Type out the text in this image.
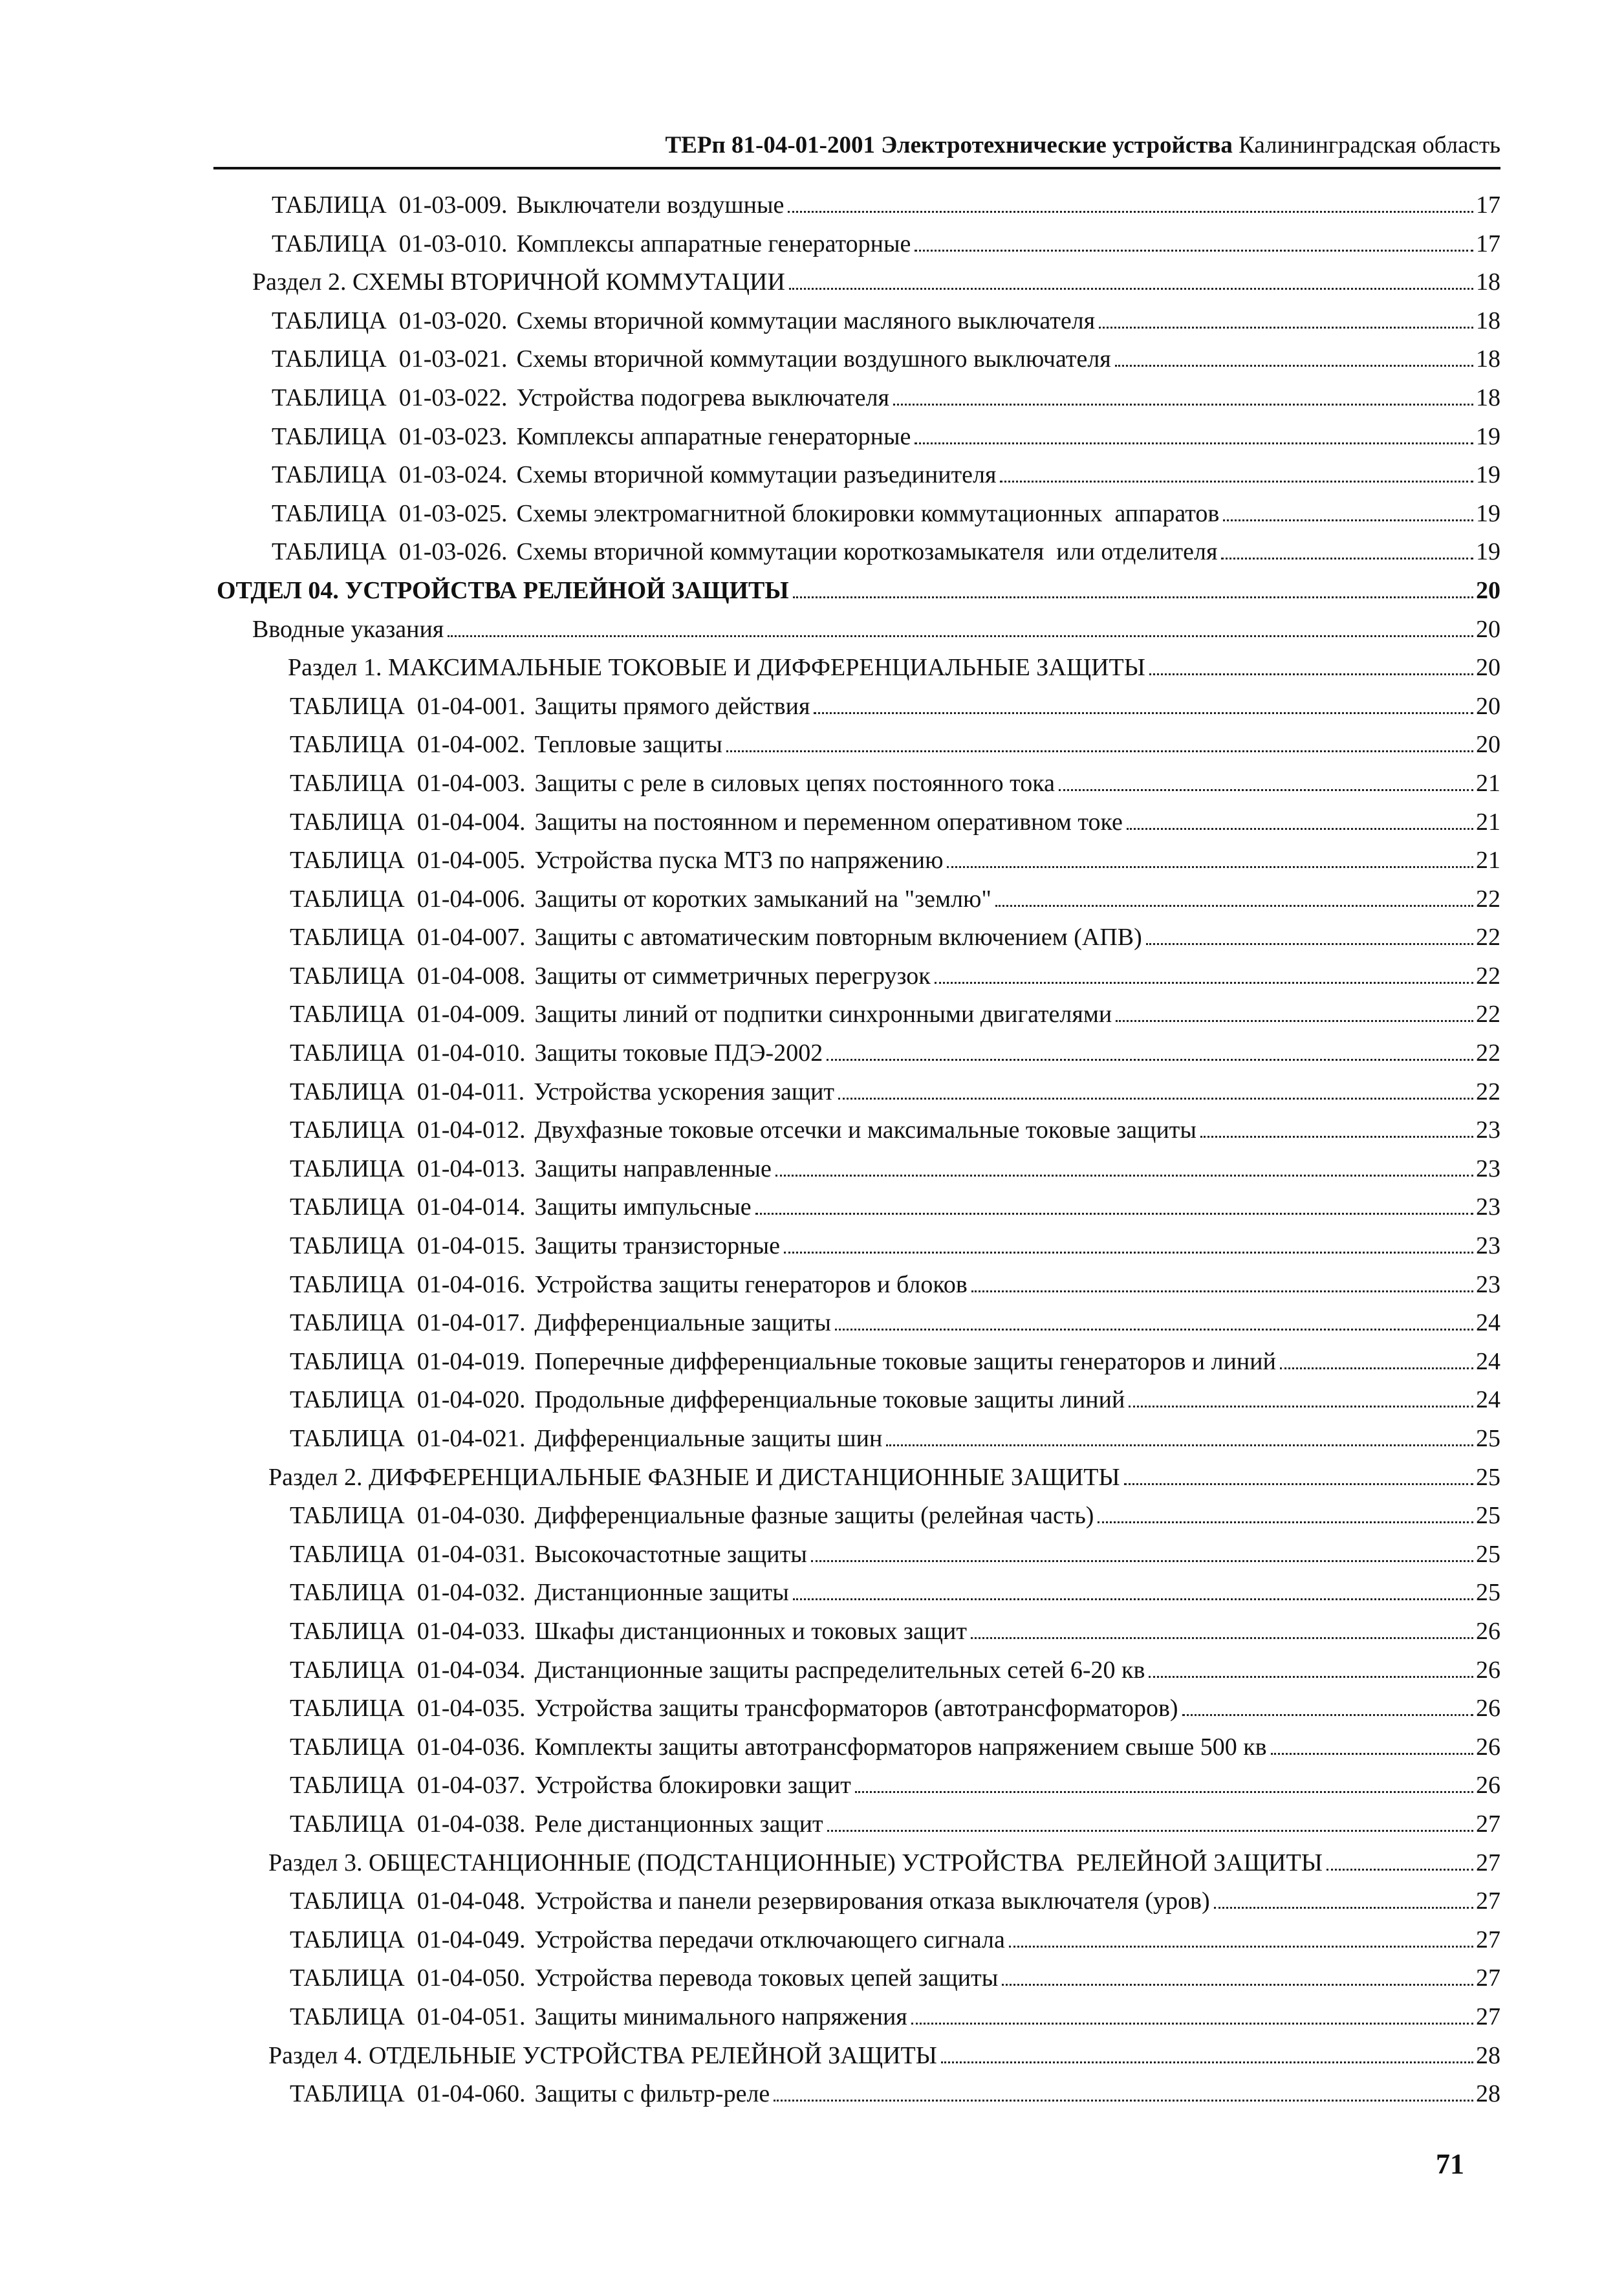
ТЕРп 81-04-01-2001 Электротехнические устройства Калининградская область
ТАБЛИЦА  01-03-009. Выключатели воздушные	17
ТАБЛИЦА  01-03-010. Комплексы аппаратные генераторные	17
Раздел 2. СХЕМЫ ВТОРИЧНОЙ КОММУТАЦИИ	18
ТАБЛИЦА  01-03-020. Схемы вторичной коммутации масляного выключателя	18
ТАБЛИЦА  01-03-021. Схемы вторичной коммутации воздушного выключателя	18
ТАБЛИЦА  01-03-022. Устройства подогрева выключателя	18
ТАБЛИЦА  01-03-023. Комплексы аппаратные генераторные	19
ТАБЛИЦА  01-03-024. Схемы вторичной коммутации разъединителя	19
ТАБЛИЦА  01-03-025. Схемы электромагнитной блокировки коммутационных  аппаратов	19
ТАБЛИЦА  01-03-026. Схемы вторичной коммутации короткозамыкателя  или отделителя	19
ОТДЕЛ 04. УСТРОЙСТВА РЕЛЕЙНОЙ ЗАЩИТЫ	20
Вводные указания	20
Раздел 1. МАКСИМАЛЬНЫЕ ТОКОВЫЕ И ДИФФЕРЕНЦИАЛЬНЫЕ ЗАЩИТЫ	20
ТАБЛИЦА  01-04-001. Защиты прямого действия	20
ТАБЛИЦА  01-04-002. Тепловые защиты	20
ТАБЛИЦА  01-04-003. Защиты с реле в силовых цепях постоянного тока	21
ТАБЛИЦА  01-04-004. Защиты на постоянном и переменном оперативном токе	21
ТАБЛИЦА  01-04-005. Устройства пуска МТЗ по напряжению	21
ТАБЛИЦА  01-04-006. Защиты от коротких замыканий на "землю"	22
ТАБЛИЦА  01-04-007. Защиты с автоматическим повторным включением (АПВ)	22
ТАБЛИЦА  01-04-008. Защиты от симметричных перегрузок	22
ТАБЛИЦА  01-04-009. Защиты линий от подпитки синхронными двигателями	22
ТАБЛИЦА  01-04-010. Защиты токовые ПДЭ-2002	22
ТАБЛИЦА  01-04-011. Устройства ускорения защит	22
ТАБЛИЦА  01-04-012. Двухфазные токовые отсечки и максимальные токовые защиты	23
ТАБЛИЦА  01-04-013. Защиты направленные	23
ТАБЛИЦА  01-04-014. Защиты импульсные	23
ТАБЛИЦА  01-04-015. Защиты транзисторные	23
ТАБЛИЦА  01-04-016. Устройства защиты генераторов и блоков	23
ТАБЛИЦА  01-04-017. Дифференциальные защиты	24
ТАБЛИЦА  01-04-019. Поперечные дифференциальные токовые защиты генераторов и линий	24
ТАБЛИЦА  01-04-020. Продольные дифференциальные токовые защиты линий	24
ТАБЛИЦА  01-04-021. Дифференциальные защиты шин	25
Раздел 2. ДИФФЕРЕНЦИАЛЬНЫЕ ФАЗНЫЕ И ДИСТАНЦИОННЫЕ ЗАЩИТЫ	25
ТАБЛИЦА  01-04-030. Дифференциальные фазные защиты (релейная часть)	25
ТАБЛИЦА  01-04-031. Высокочастотные защиты	25
ТАБЛИЦА  01-04-032. Дистанционные защиты	25
ТАБЛИЦА  01-04-033. Шкафы дистанционных и токовых защит	26
ТАБЛИЦА  01-04-034. Дистанционные защиты распределительных сетей 6-20 кв	26
ТАБЛИЦА  01-04-035. Устройства защиты трансформаторов (автотрансформаторов)	26
ТАБЛИЦА  01-04-036. Комплекты защиты автотрансформаторов напряжением свыше 500 кв	26
ТАБЛИЦА  01-04-037. Устройства блокировки защит	26
ТАБЛИЦА  01-04-038. Реле дистанционных защит	27
Раздел 3. ОБЩЕСТАНЦИОННЫЕ (ПОДСТАНЦИОННЫЕ) УСТРОЙСТВА  РЕЛЕЙНОЙ ЗАЩИТЫ	27
ТАБЛИЦА  01-04-048. Устройства и панели резервирования отказа выключателя (уров)	27
ТАБЛИЦА  01-04-049. Устройства передачи отключающего сигнала	27
ТАБЛИЦА  01-04-050. Устройства перевода токовых цепей защиты	27
ТАБЛИЦА  01-04-051. Защиты минимального напряжения	27
Раздел 4. ОТДЕЛЬНЫЕ УСТРОЙСТВА РЕЛЕЙНОЙ ЗАЩИТЫ	28
ТАБЛИЦА  01-04-060. Защиты с фильтр-реле	28
71
